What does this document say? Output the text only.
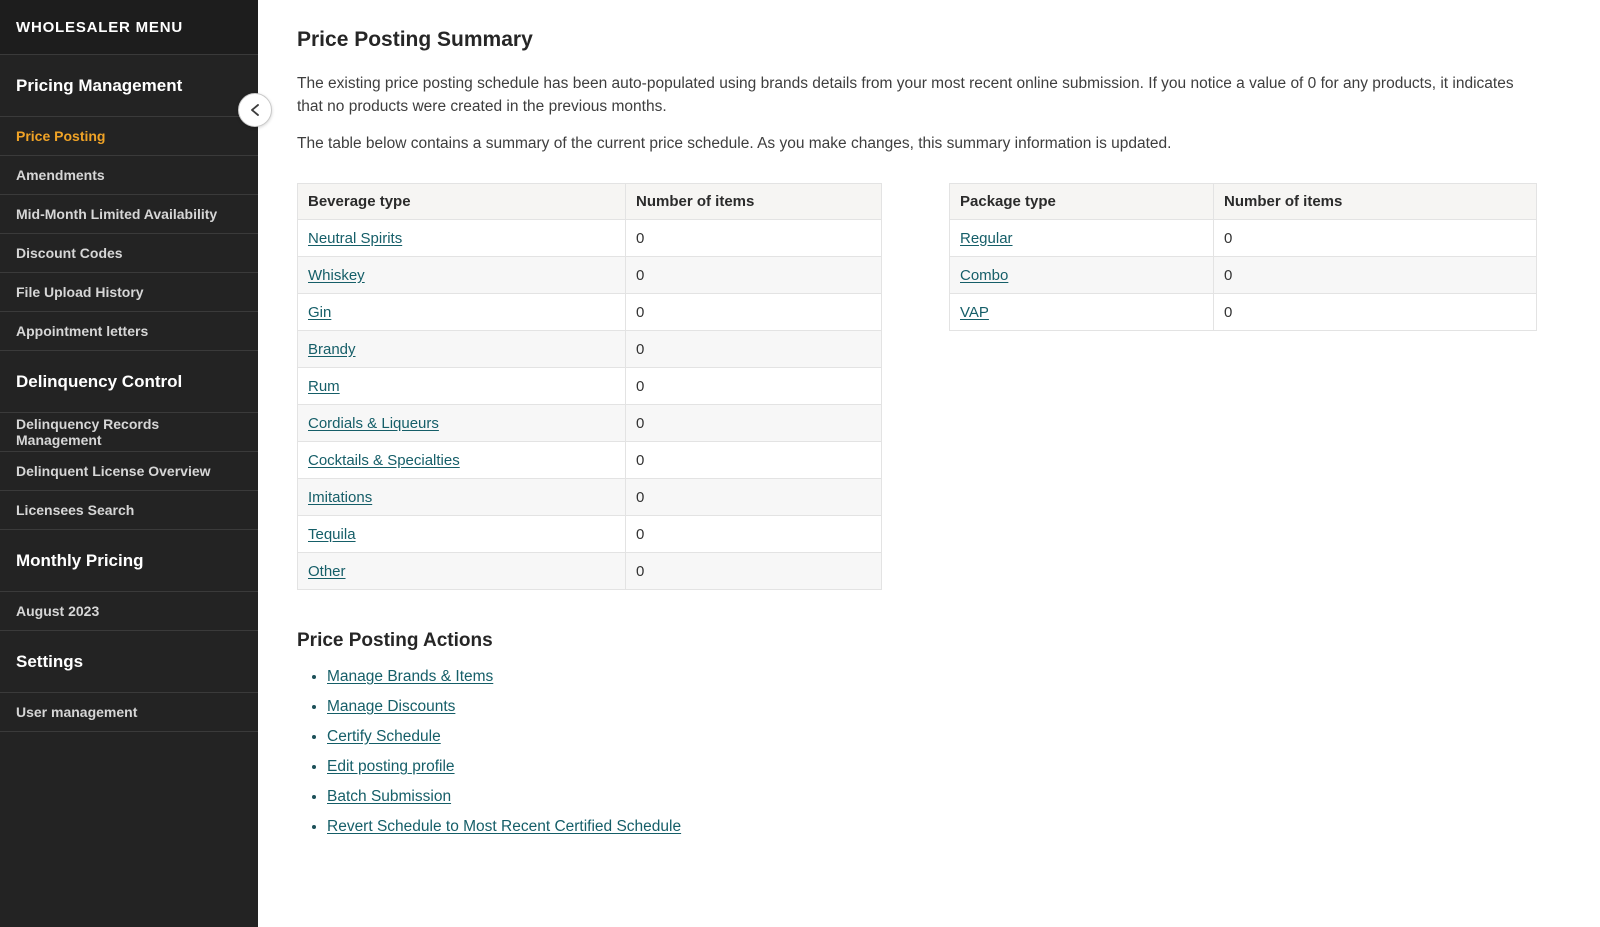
WHOLESALER MENU
Pricing Management
Price Posting
Amendments
Mid-Month Limited Availability
Discount Codes
File Upload History
Appointment letters
Delinquency Control
Delinquency Records Management
Delinquent License Overview
Licensees Search
Monthly Pricing
August 2023
Settings
User management
Price Posting Summary

The existing price posting schedule has been auto-populated using brands details from your most recent online submission. If you notice a value of 0 for any products, it indicates that no products were created in the previous months.

The table below contains a summary of the current price schedule. As you make changes, this summary information is updated.

Beverage type	Number of items
Neutral Spirits	0
Whiskey	0
Gin	0
Brandy	0
Rum	0
Cordials & Liqueurs	0
Cocktails & Specialties	0
Imitations	0
Tequila	0
Other	0
Package type	Number of items
Regular	0
Combo	0
VAP	0
Price Posting Actions
• Manage Brands & Items
• Manage Discounts
• Certify Schedule
• Edit posting profile
• Batch Submission
• Revert Schedule to Most Recent Certified Schedule
